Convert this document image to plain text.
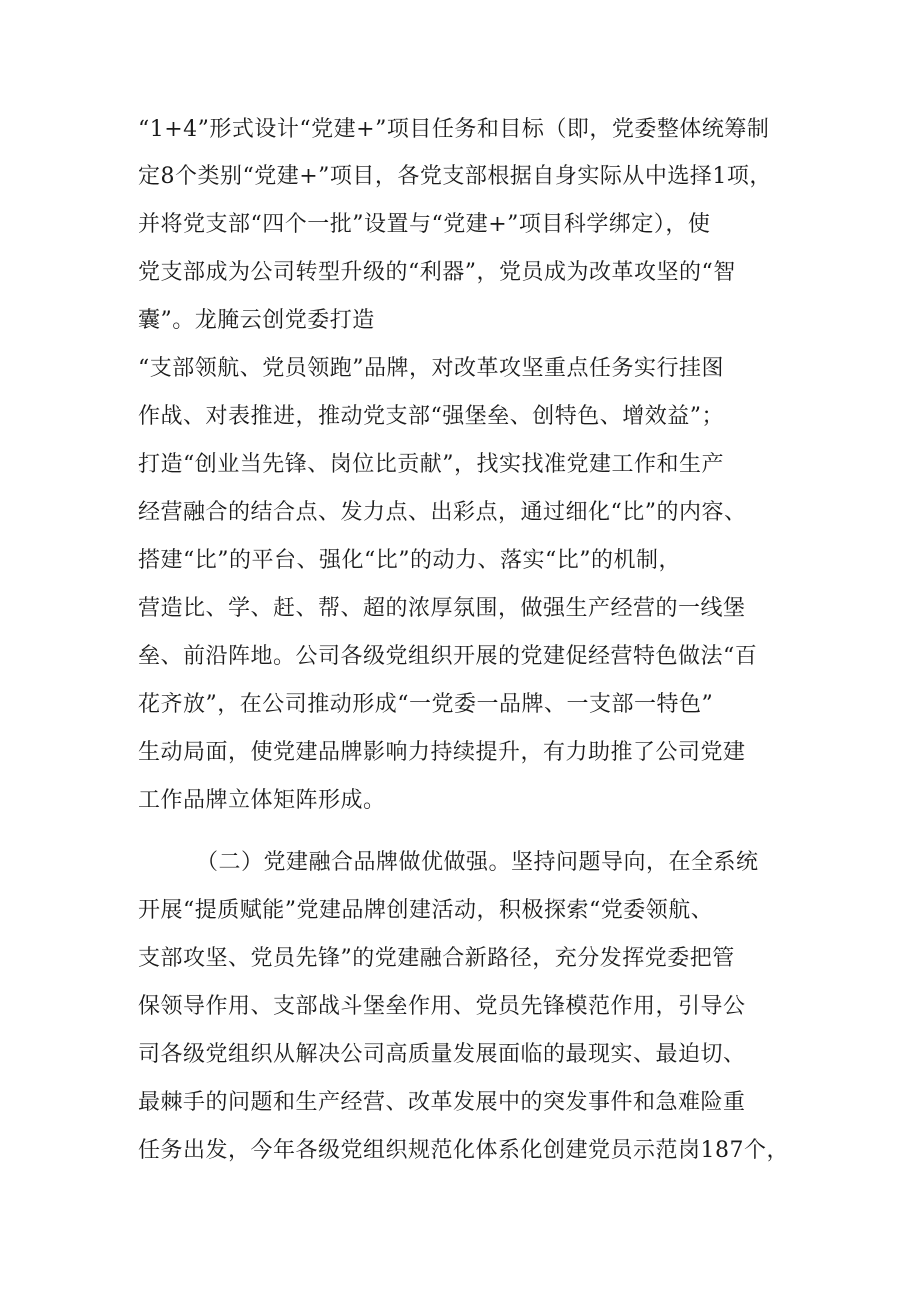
“1+4”形式设计“党建+”项目任务和目标（即，党委整体统筹制
定8个类别“党建+”项目，各党支部根据自身实际从中选择1项，
并将党支部“四个一批”设置与“党建+”项目科学绑定），使
党支部成为公司转型升级的“利器”，党员成为改革攻坚的“智
囊”。龙腌云创党委打造
“支部领航、党员领跑”品牌，对改革攻坚重点任务实行挂图
作战、对表推进，推动党支部“强堡垒、创特色、增效益”；
打造“创业当先锋、岗位比贡献”，找实找准党建工作和生产
经营融合的结合点、发力点、出彩点，通过细化“比”的内容、
搭建“比”的平台、强化“比”的动力、落实“比”的机制，
营造比、学、赶、帮、超的浓厚氛围，做强生产经营的一线堡
垒、前沿阵地。公司各级党组织开展的党建促经营特色做法“百
花齐放”，在公司推动形成“一党委一品牌、一支部一特色”
生动局面，使党建品牌影响力持续提升，有力助推了公司党建
工作品牌立体矩阵形成。
（二）党建融合品牌做优做强。坚持问题导向，在全系统
开展“提质赋能”党建品牌创建活动，积极探索“党委领航、
支部攻坚、党员先锋”的党建融合新路径，充分发挥党委把管
保领导作用、支部战斗堡垒作用、党员先锋模范作用，引导公
司各级党组织从解决公司高质量发展面临的最现实、最迫切、
最棘手的问题和生产经营、改革发展中的突发事件和急难险重
任务出发，今年各级党组织规范化体系化创建党员示范岗187个，
